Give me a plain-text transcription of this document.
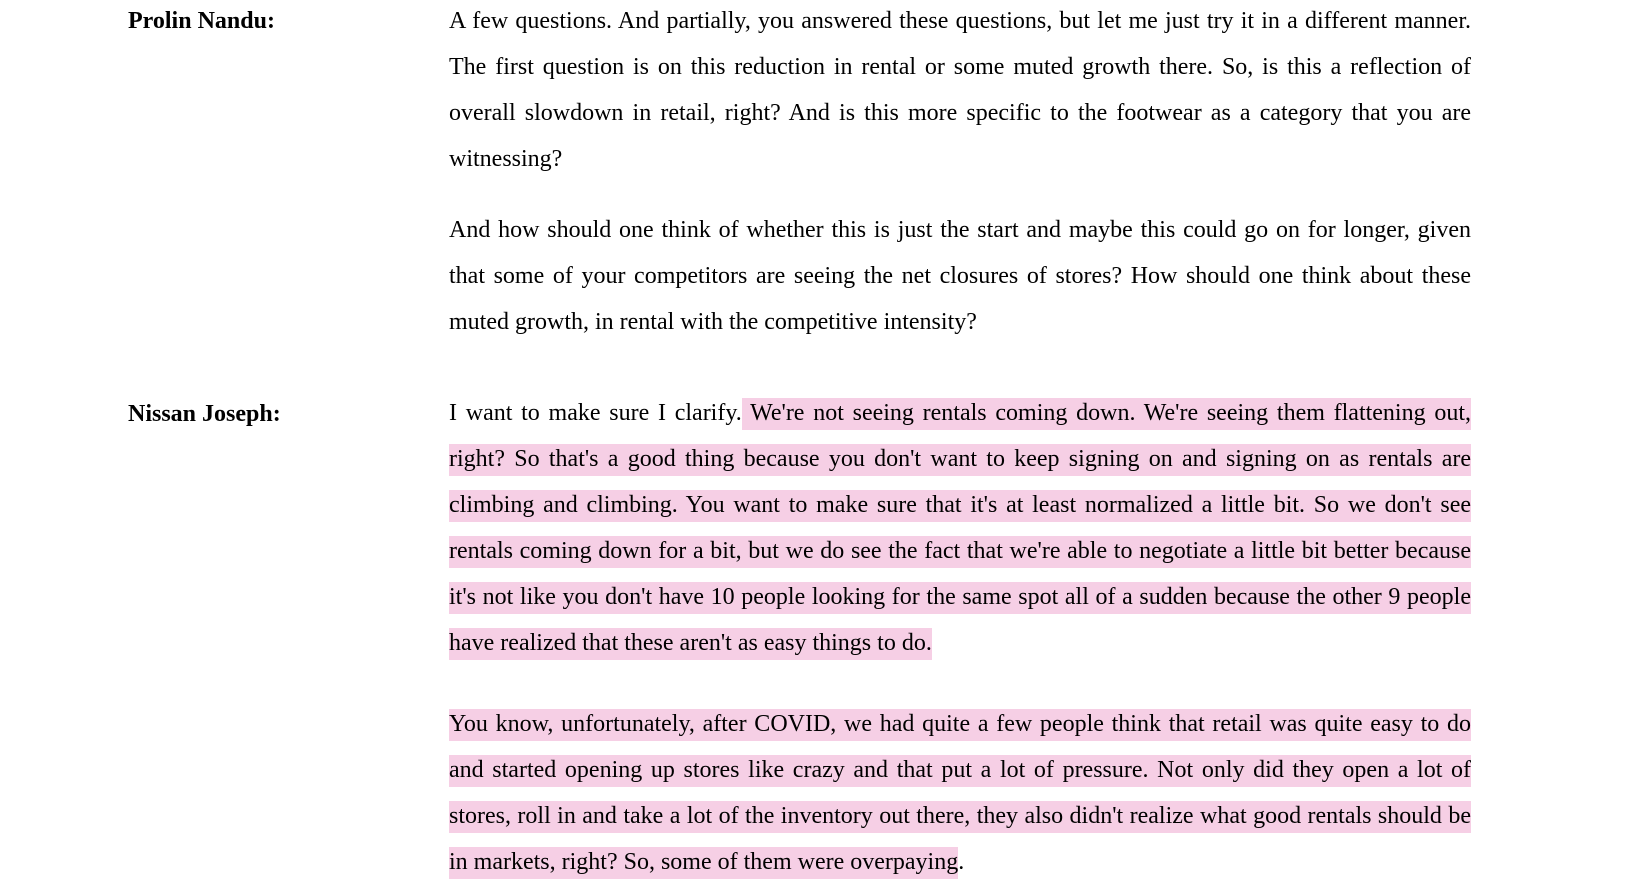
Prolin Nandu:	A few questions. And partially, you answered these questions, but let me just try it in a different manner. The first question is on this reduction in rental or some muted growth there. So, is this a reflection of overall slowdown in retail, right? And is this more specific to the footwear as a category that you are witnessing?
And how should one think of whether this is just the start and maybe this could go on for longer, given that some of your competitors are seeing the net closures of stores? How should one think about these muted growth, in rental with the competitive intensity?
Nissan Joseph:	I want to make sure I clarify. We're not seeing rentals coming down. We're seeing them flattening out, right? So that's a good thing because you don't want to keep signing on and signing on as rentals are climbing and climbing. You want to make sure that it's at least normalized a little bit. So we don't see rentals coming down for a bit, but we do see the fact that we're able to negotiate a little bit better because it's not like you don't have 10 people looking for the same spot all of a sudden because the other 9 people have realized that these aren't as easy things to do.
You know, unfortunately, after COVID, we had quite a few people think that retail was quite easy to do and started opening up stores like crazy and that put a lot of pressure. Not only did they open a lot of stores, roll in and take a lot of the inventory out there, they also didn't realize what good rentals should be in markets, right? So, some of them were overpaying.
